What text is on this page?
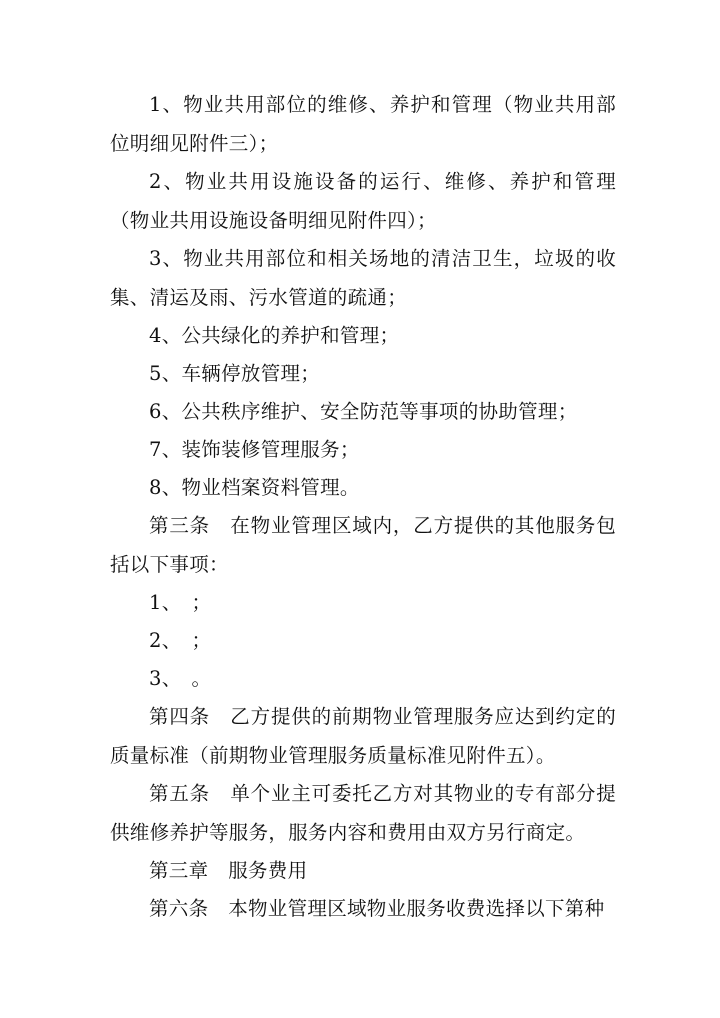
1、物业共用部位的维修、养护和管理（物业共用部位明细见附件三）；

2、物业共用设施设备的运行、维修、养护和管理（物业共用设施设备明细见附件四）；

3、物业共用部位和相关场地的清洁卫生，垃圾的收集、清运及雨、污水管道的疏通；

4、公共绿化的养护和管理；

5、车辆停放管理；

6、公共秩序维护、安全防范等事项的协助管理；

7、装饰装修管理服务；

8、物业档案资料管理。

第三条　在物业管理区域内，乙方提供的其他服务包括以下事项：

1、　；

2、　；

3、　。

第四条　乙方提供的前期物业管理服务应达到约定的质量标准（前期物业管理服务质量标准见附件五）。

第五条　单个业主可委托乙方对其物业的专有部分提供维修养护等服务，服务内容和费用由双方另行商定。

第三章　服务费用

第六条　本物业管理区域物业服务收费选择以下第种
